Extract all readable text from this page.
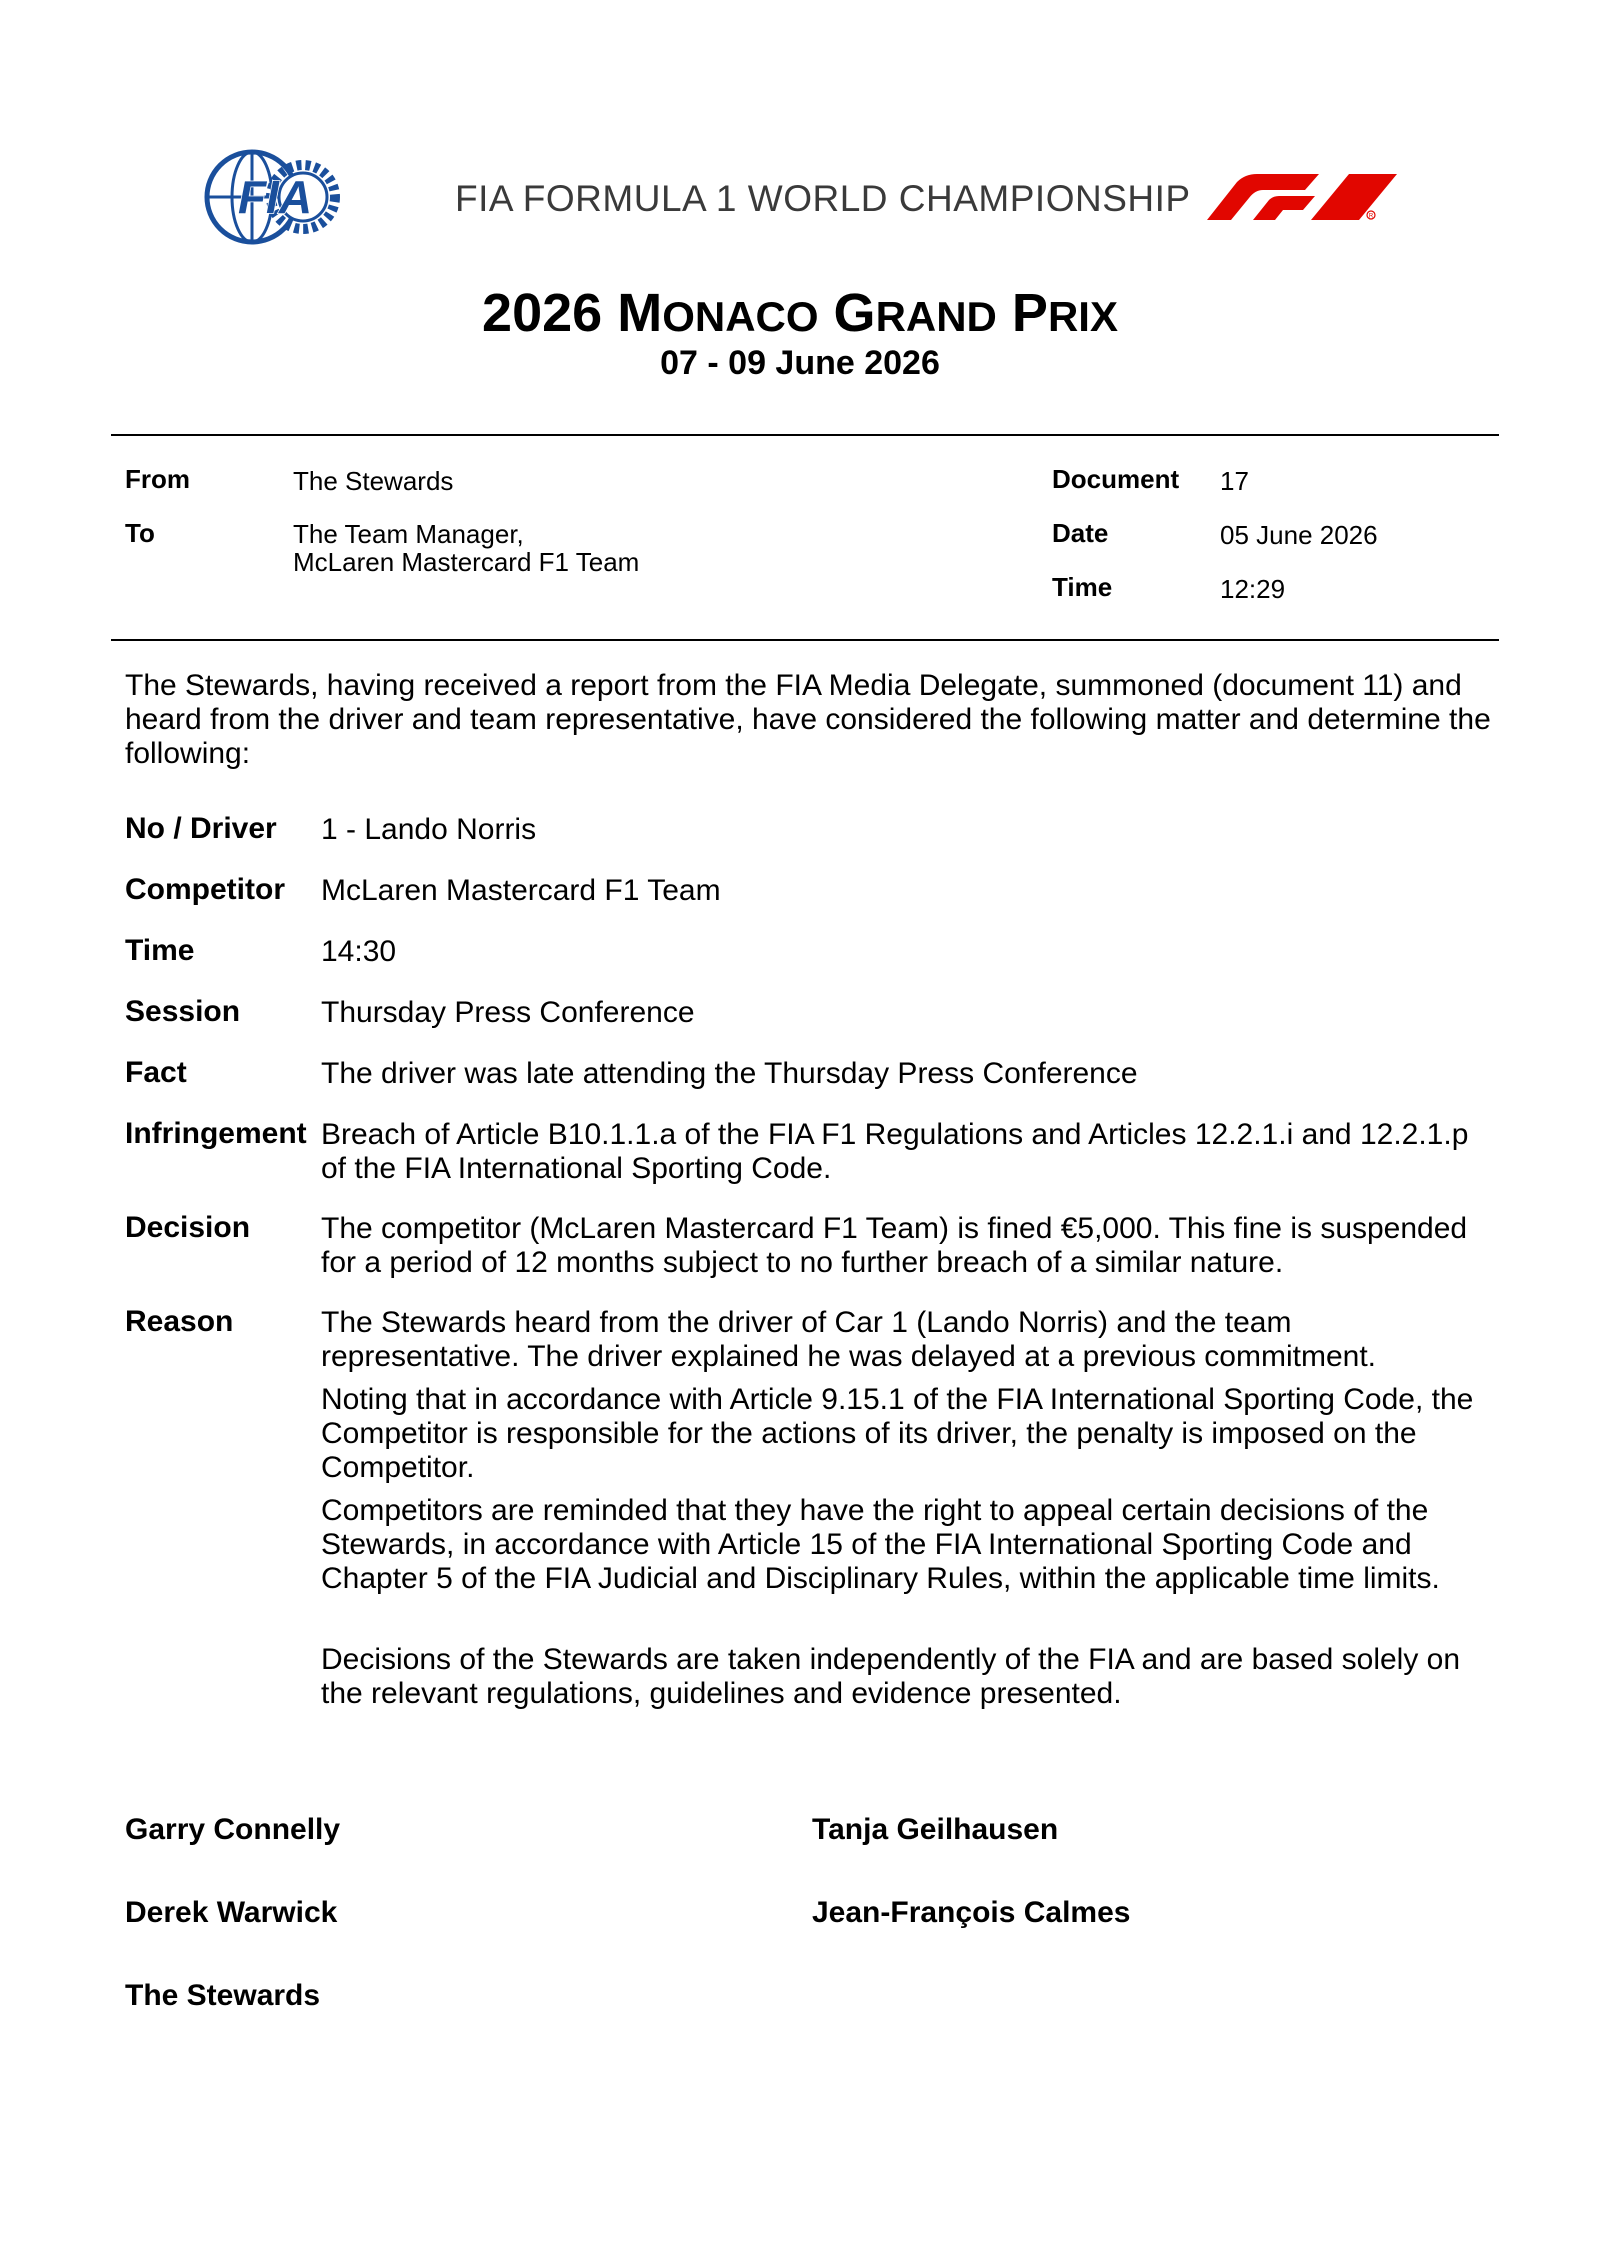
FIA	FIA FORMULA 1 WORLD CHAMPIONSHIP	R
2026 MONACO GRAND PRIX
07 - 09 June 2026
From	The Stewards
To	The Team Manager,
McLaren Mastercard F1 Team
Document 17
Date	05 June 2026
Time	12:29
The Stewards, having received a report from the FIA Media Delegate, summoned (document 11) and heard from the driver and team representative, have considered the following matter and determine the following:
No / Driver 1 - Lando Norris
Competitor McLaren Mastercard F1 Team
Time	14:30
Session	Thursday Press Conference
Fact	The driver was late attending the Thursday Press Conference
Infringement Breach of Article B10.1.1.a of the FIA F1 Regulations and Articles 12.2.1.i and 12.2.1.p of the FIA International Sporting Code.
Decision The competitor (McLaren Mastercard F1 Team) is fined €5,000. This fine is suspended for a period of 12 months subject to no further breach of a similar nature.
Reason	The Stewards heard from the driver of Car 1 (Lando Norris) and the team representative. The driver explained he was delayed at a previous commitment.

Noting that in accordance with Article 9.15.1 of the FIA International Sporting Code, the Competitor is responsible for the actions of its driver, the penalty is imposed on the Competitor.

Competitors are reminded that they have the right to appeal certain decisions of the Stewards, in accordance with Article 15 of the FIA International Sporting Code and Chapter 5 of the FIA Judicial and Disciplinary Rules, within the applicable time limits.

Decisions of the Stewards are taken independently of the FIA and are based solely on the relevant regulations, guidelines and evidence presented.
Garry Connelly	Tanja Geilhausen
Derek Warwick	Jean-François Calmes
The Stewards
